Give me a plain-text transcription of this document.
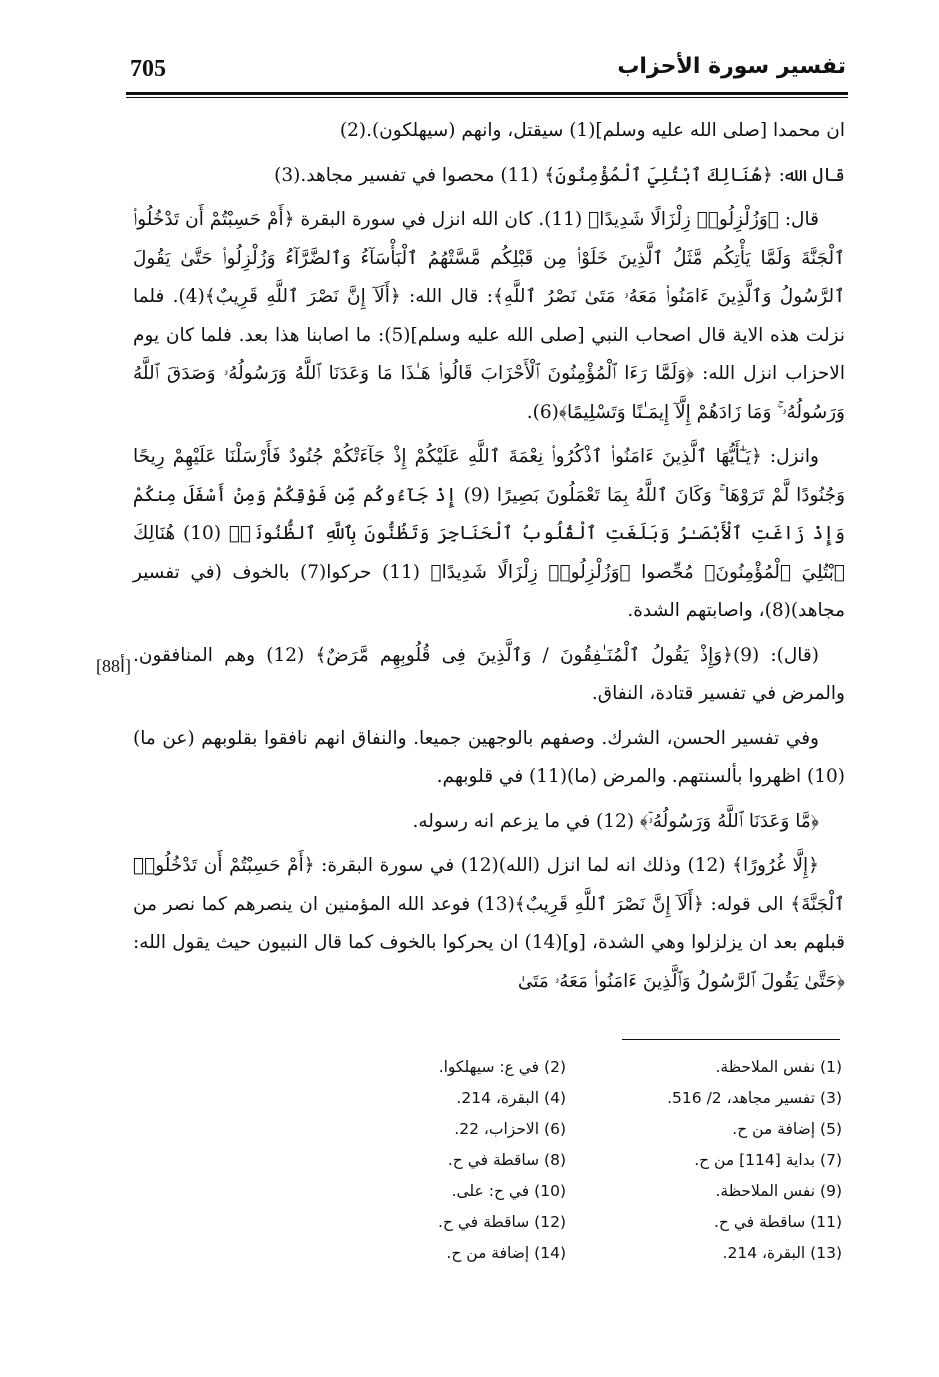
705	تفسير سورة الأحزاب

ان محمدا [صلى الله عليه وسلم](1) سيقتل، وانهم (سيهلكون).(2)

قال الله: ﴿هُنَالِكَ ٱبْتُلِيَ ٱلْمُؤْمِنُونَ﴾ (11) محصوا في تفسير مجاهد.(3)

قال: ﴿وَزُلْزِلُوا۟ زِلْزَالًا شَدِيدًا﴾ (11). كان الله انزل في سورة البقرة ﴿أَمْ حَسِبْتُمْ أَن تَدْخُلُوا۟ ٱلْجَنَّةَ وَلَمَّا يَأْتِكُم مَّثَلُ ٱلَّذِينَ خَلَوْا۟ مِن قَبْلِكُم مَّسَّتْهُمُ ٱلْبَأْسَآءُ وَٱلضَّرَّآءُ وَزُلْزِلُوا۟ حَتَّىٰ يَقُولَ ٱلرَّسُولُ وَٱلَّذِينَ ءَامَنُوا۟ مَعَهُۥ مَتَىٰ نَصْرُ ٱللَّهِ﴾: قال الله: ﴿أَلَآ إِنَّ نَصْرَ ٱللَّهِ قَرِيبٌ﴾(4). فلما نزلت هذه الاية قال اصحاب النبي [صلى الله عليه وسلم](5): ما اصابنا هذا بعد. فلما كان يوم الاحزاب انزل الله: ﴿وَلَمَّا رَءَا ٱلْمُؤْمِنُونَ ٱلْأَحْزَابَ قَالُوا۟ هَـٰذَا مَا وَعَدَنَا ٱللَّهُ وَرَسُولُهُۥ وَصَدَقَ ٱللَّهُ وَرَسُولُهُۥ ۚ وَمَا زَادَهُمْ إِلَّآ إِيمَـٰنًا وَتَسْلِيمًا﴾(6).

وانزل: ﴿يَـٰٓأَيُّهَا ٱلَّذِينَ ءَامَنُوا۟ ٱذْكُرُوا۟ نِعْمَةَ ٱللَّهِ عَلَيْكُمْ إِذْ جَآءَتْكُمْ جُنُودٌ فَأَرْسَلْنَا عَلَيْهِمْ رِيحًا وَجُنُودًا لَّمْ تَرَوْهَا ۚ وَكَانَ ٱللَّهُ بِمَا تَعْمَلُونَ بَصِيرًا (9) إِذْ جَآءُوكُم مِّن فَوْقِكُمْ وَمِنْ أَسْفَلَ مِنكُمْ وَإِذْ زَاغَتِ ٱلْأَبْصَـٰرُ وَبَلَغَتِ ٱلْقُلُوبُ ٱلْحَنَاجِرَ وَتَظُنُّونَ بِٱللَّهِ ٱلظُّنُونَا۠ (10) هُنَالِكَ ٱبْتُلِيَ ٱلْمُؤْمِنُونَ﴾ مُحِّصوا ﴿وَزُلْزِلُوا۟ زِلْزَالًا شَدِيدًا﴾ (11) حركوا(7) بالخوف (في تفسير مجاهد)(8)، واصابتهم الشدة.

(قال): (9)﴿وَإِذْ يَقُولُ ٱلْمُنَـٰفِقُونَ / وَٱلَّذِينَ فِى قُلُوبِهِم مَّرَضٌ﴾ (12) وهم المنافقون. والمرض في تفسير قتادة، النفاق.

وفي تفسير الحسن، الشرك. وصفهم بالوجهين جميعا. والنفاق انهم نافقوا بقلوبهم (عن ما)(10) اظهروا بألسنتهم. والمرض (ما)(11) في قلوبهم.

﴿مَّا وَعَدَنَا ٱللَّهُ وَرَسُولُهُۥٓ﴾ (12) في ما يزعم انه رسوله.

﴿إِلَّا غُرُورًا﴾ (12) وذلك انه لما انزل (الله)(12) في سورة البقرة: ﴿أَمْ حَسِبْتُمْ أَن تَدْخُلُوا۟ ٱلْجَنَّةَ﴾ الى قوله: ﴿أَلَآ إِنَّ نَصْرَ ٱللَّهِ قَرِيبٌ﴾(13) فوعد الله المؤمنين ان ينصرهم كما نصر من قبلهم بعد ان يزلزلوا وهي الشدة، [و](14) ان يحركوا بالخوف كما قال النبيون حيث يقول الله: ﴿حَتَّىٰ يَقُولَ ٱلرَّسُولُ وَٱلَّذِينَ ءَامَنُوا۟ مَعَهُۥ مَتَىٰ

[88أ]
(1) نفس الملاحظة.
(2) في ع: سيهلكوا.
(3) تفسير مجاهد، 2/ 516.
(4) البقرة، 214.
(5) إضافة من ح.
(6) الاحزاب، 22.
(7) بداية [114] من ح.
(8) ساقطة في ح.
(9) نفس الملاحظة.
(10) في ح: على.
(11) ساقطة في ح.
(12) ساقطة في ح.
(13) البقرة، 214.
(14) إضافة من ح.
